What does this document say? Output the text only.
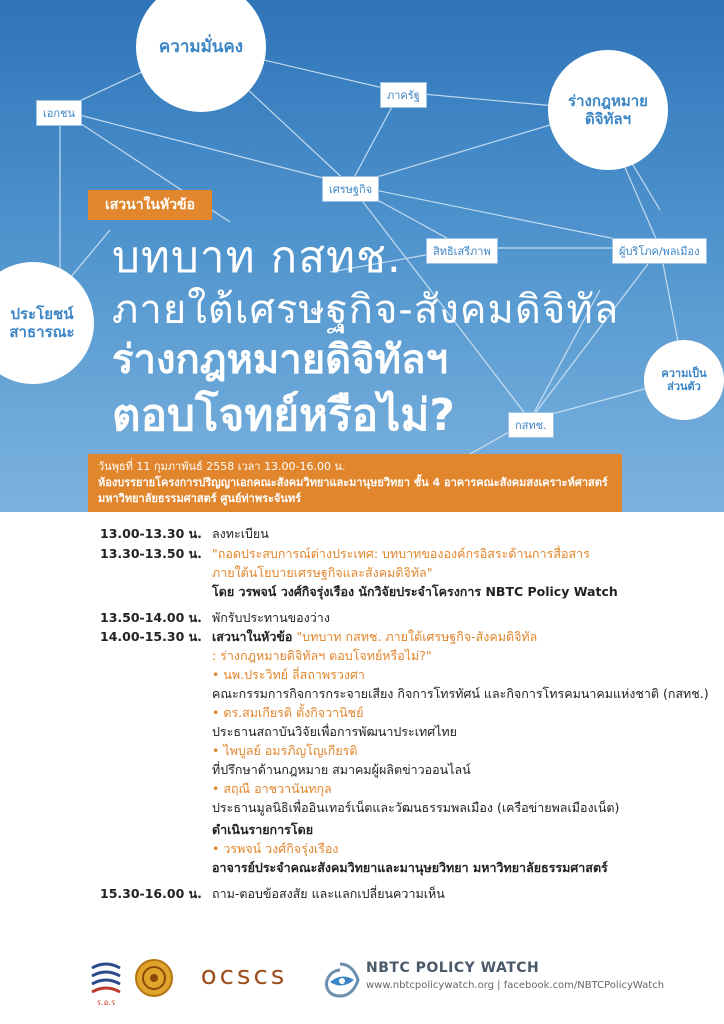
ความมั่นคง
ร่างกฎหมาย
ดิจิทัลฯ
ประโยชน์
สาธารณะ
ความเป็น
ส่วนตัว
เอกชน
ภาครัฐ
เศรษฐกิจ
สิทธิเสรีภาพ	ผู้บริโภค/พลเมือง
กสทช.
เสวนาในหัวข้อ
บทบาท กสทช.
ภายใต้เศรษฐกิจ-สังคมดิจิทัล
ร่างกฎหมายดิจิทัลฯ
ตอบโจทย์หรือไม่?
วันพุธที่ 11 กุมภาพันธ์ 2558 เวลา 13.00-16.00 น.
ห้องบรรยายโครงการปริญญาเอกคณะสังคมวิทยาและมานุษยวิทยา ชั้น 4 อาคารคณะสังคมสงเคราะห์ศาสตร์
มหาวิทยาลัยธรรมศาสตร์ ศูนย์ท่าพระจันทร์
13.00-13.30 น. ลงทะเบียน
13.30-13.50 น. "ถอดประสบการณ์ต่างประเทศ: บทบาทขององค์กรอิสระด้านการสื่อสาร
ภายใต้นโยบายเศรษฐกิจและสังคมดิจิทัล"
โดย วรพจน์ วงศ์กิจรุ่งเรือง นักวิจัยประจำโครงการ NBTC Policy Watch
13.50-14.00 น. พักรับประทานของว่าง
14.00-15.30 น. เสวนาในหัวข้อ "บทบาท กสทช. ภายใต้เศรษฐกิจ-สังคมดิจิทัล
: ร่างกฎหมายดิจิทัลฯ ตอบโจทย์หรือไม่?"
• นพ.ประวิทย์ ลี่สถาพรวงศา
คณะกรรมการกิจการกระจายเสียง กิจการโทรทัศน์ และกิจการโทรคมนาคมแห่งชาติ (กสทช.)
• ดร.สมเกียรติ ตั้งกิจวานิชย์
ประธานสถาบันวิจัยเพื่อการพัฒนาประเทศไทย
• ไพบูลย์ อมรภิญโญเกียรติ
ที่ปรึกษาด้านกฎหมาย สมาคมผู้ผลิตข่าวออนไลน์
• สฤณี อาชวานันทกุล
ประธานมูลนิธิเพื่ออินเทอร์เน็ตและวัฒนธรรมพลเมือง (เครือข่ายพลเมืองเน็ต)
ดำเนินรายการโดย
• วรพจน์ วงศ์กิจรุ่งเรือง
อาจารย์ประจำคณะสังคมวิทยาและมานุษยวิทยา มหาวิทยาลัยธรรมศาสตร์
15.30-16.00 น. ถาม-ตอบข้อสงสัย และแลกเปลี่ยนความเห็น
ร.อ.ร
ocscs	NBTC POLICY WATCH
www.nbtcpolicywatch.org | facebook.com/NBTCPolicyWatch
